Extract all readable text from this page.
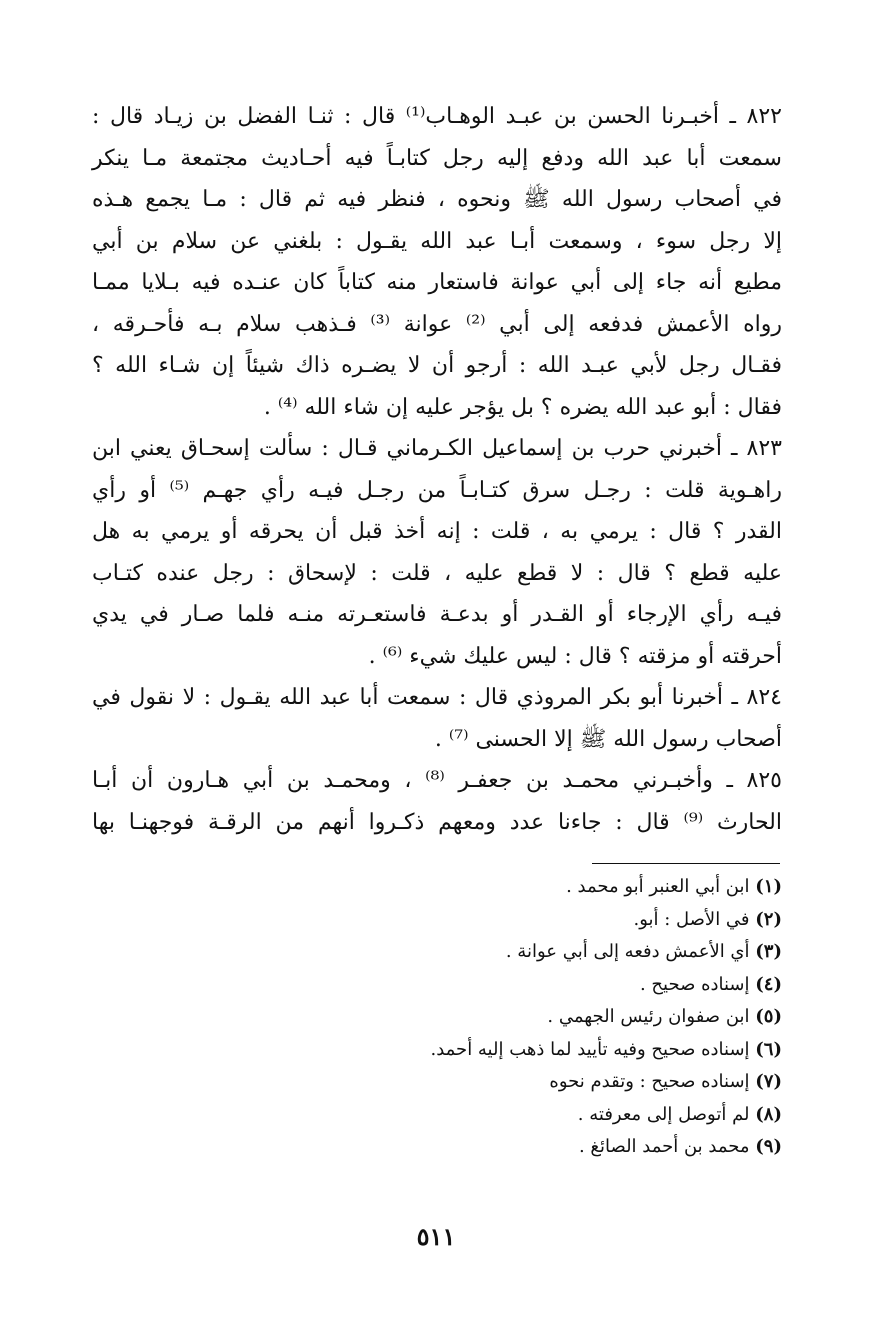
٨٢٢ ـ أخبـرنا الحسن بن عبـد الوهـاب⁽¹⁾ قال : ثنـا الفضل بن زيـاد قال :
سمعت أبا عبد الله ودفع إليه رجل كتابـاً فيه أحـاديث مجتمعة مـا ينكر
في أصحاب رسول الله ﷺ ونحوه ، فنظر فيه ثم قال : مـا يجمع هـذه
إلا رجل سوء ، وسمعت أبـا عبد الله يقـول : بلغني عن سلام بن أبي
مطيع أنه جاء إلى أبي عوانة فاستعار منه كتاباً كان عنـده فيه بـلايا ممـا
رواه الأعمش فدفعه إلى أبي ⁽²⁾ عوانة ⁽³⁾ فـذهب سلام بـه فأحـرقه ،
فقـال رجل لأبي عبـد الله : أرجو أن لا يضـره ذاك شيئاً إن شـاء الله ؟
فقال : أبو عبد الله يضره ؟ بل يؤجر عليه إن شاء الله ⁽⁴⁾ .
٨٢٣ ـ أخبرني حرب بن إسماعيل الكـرماني قـال : سألت إسحـاق يعني ابن
راهـوية قلت : رجـل سرق كتـابـاً من رجـل فيـه رأي جهـم ⁽⁵⁾ أو رأي
القدر ؟ قال : يرمي به ، قلت : إنه أخذ قبل أن يحرقه أو يرمي به هل
عليه قطع ؟ قال : لا قطع عليه ، قلت : لإسحاق : رجل عنده كتـاب
فيـه رأي الإرجاء أو القـدر أو بدعـة فاستعـرته منـه فلما صـار في يدي
أحرقته أو مزقته ؟ قال : ليس عليك شيء ⁽⁶⁾ .
٨٢٤ ـ أخبرنا أبو بكر المروذي قال : سمعت أبا عبد الله يقـول : لا نقول في
أصحاب رسول الله ﷺ إلا الحسنى ⁽⁷⁾ .
٨٢٥ ـ وأخبـرني محمـد بن جعفـر ⁽⁸⁾ ، ومحمـد بن أبي هـارون أن أبـا
الحارث ⁽⁹⁾ قال : جاءنا عدد ومعهم ذكـروا أنهم من الرقـة فوجهنـا بها
(١) ابن أبي العنبر أبو محمد .
(٢) في الأصل : أبو.
(٣) أي الأعمش دفعه إلى أبي عوانة .
(٤) إسناده صحيح .
(٥) ابن صفوان رئيس الجهمي .
(٦) إسناده صحيح وفيه تأييد لما ذهب إليه أحمد.
(٧) إسناده صحيح : وتقدم نحوه
(٨) لم أتوصل إلى معرفته .
(٩) محمد بن أحمد الصائغ .
٥١١
